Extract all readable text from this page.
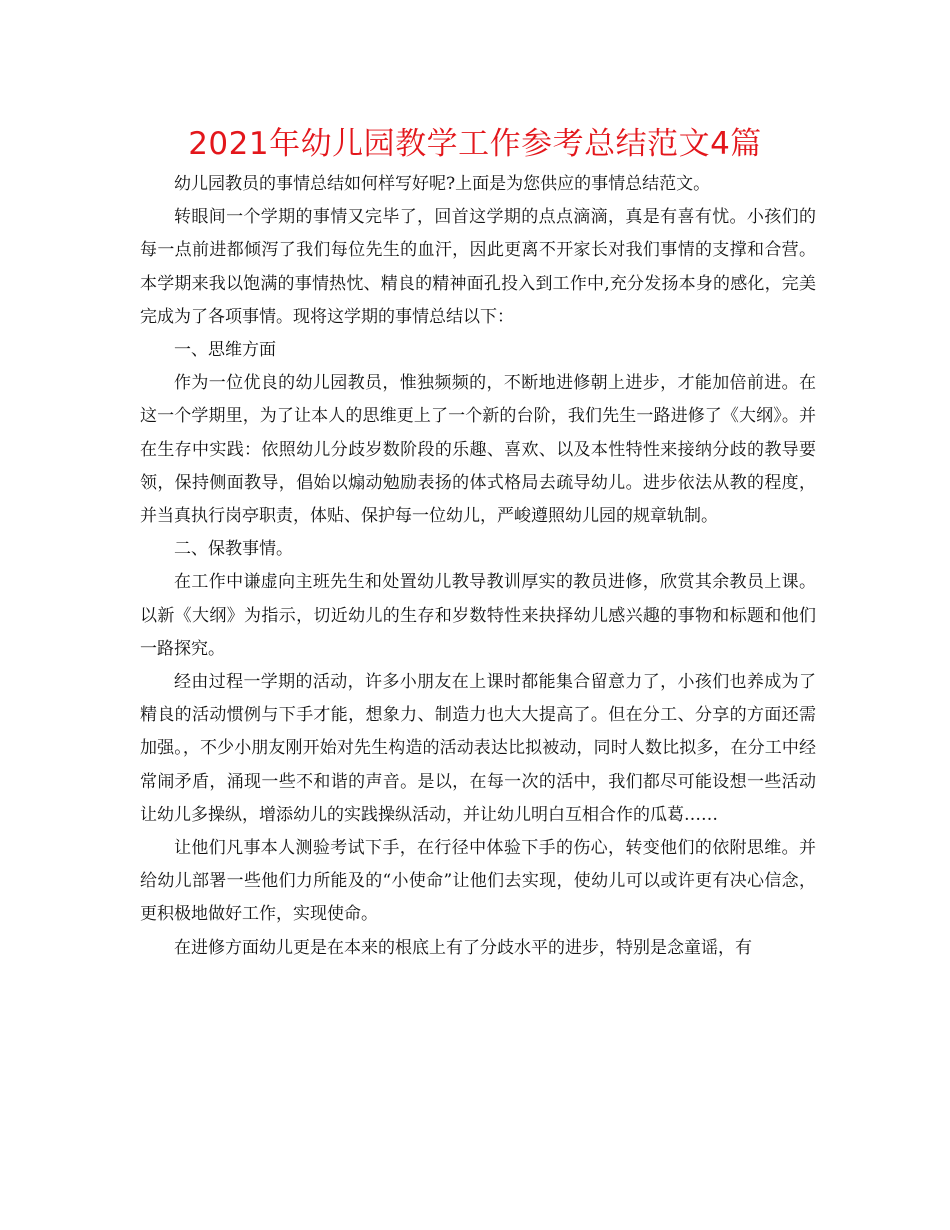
2021年幼儿园教学工作参考总结范文4篇

幼儿园教员的事情总结如何样写好呢?上面是为您供应的事情总结范文。

转眼间一个学期的事情又完毕了，回首这学期的点点滴滴，真是有喜有忧。小孩们的每一点前进都倾泻了我们每位先生的血汗，因此更离不开家长对我们事情的支撑和合营。本学期来我以饱满的事情热忱、精良的精神面孔投入到工作中,充分发扬本身的感化，完美完成为了各项事情。现将这学期的事情总结以下：

一、思维方面

作为一位优良的幼儿园教员，惟独频频的，不断地进修朝上进步，才能加倍前进。在这一个学期里，为了让本人的思维更上了一个新的台阶，我们先生一路进修了《大纲》。并在生存中实践：依照幼儿分歧岁数阶段的乐趣、喜欢、以及本性特性来接纳分歧的教导要领，保持侧面教导，倡始以煽动勉励表扬的体式格局去疏导幼儿。进步依法从教的程度，并当真执行岗亭职责，体贴、保护每一位幼儿，严峻遵照幼儿园的规章轨制。

二、保教事情。

在工作中谦虚向主班先生和处置幼儿教导教训厚实的教员进修，欣赏其余教员上课。以新《大纲》为指示，切近幼儿的生存和岁数特性来抉择幼儿感兴趣的事物和标题和他们一路探究。

经由过程一学期的活动，许多小朋友在上课时都能集合留意力了，小孩们也养成为了精良的活动惯例与下手才能，想象力、制造力也大大提高了。但在分工、分享的方面还需加强。，不少小朋友刚开始对先生构造的活动表达比拟被动，同时人数比拟多，在分工中经常闹矛盾，涌现一些不和谐的声音。是以，在每一次的活中，我们都尽可能设想一些活动让幼儿多操纵，增添幼儿的实践操纵活动，并让幼儿明白互相合作的瓜葛……

让他们凡事本人测验考试下手，在行径中体验下手的伤心，转变他们的依附思维。并给幼儿部署一些他们力所能及的“小使命”让他们去实现，使幼儿可以或许更有决心信念，更积极地做好工作，实现使命。

在进修方面幼儿更是在本来的根底上有了分歧水平的进步，特别是念童谣，有
